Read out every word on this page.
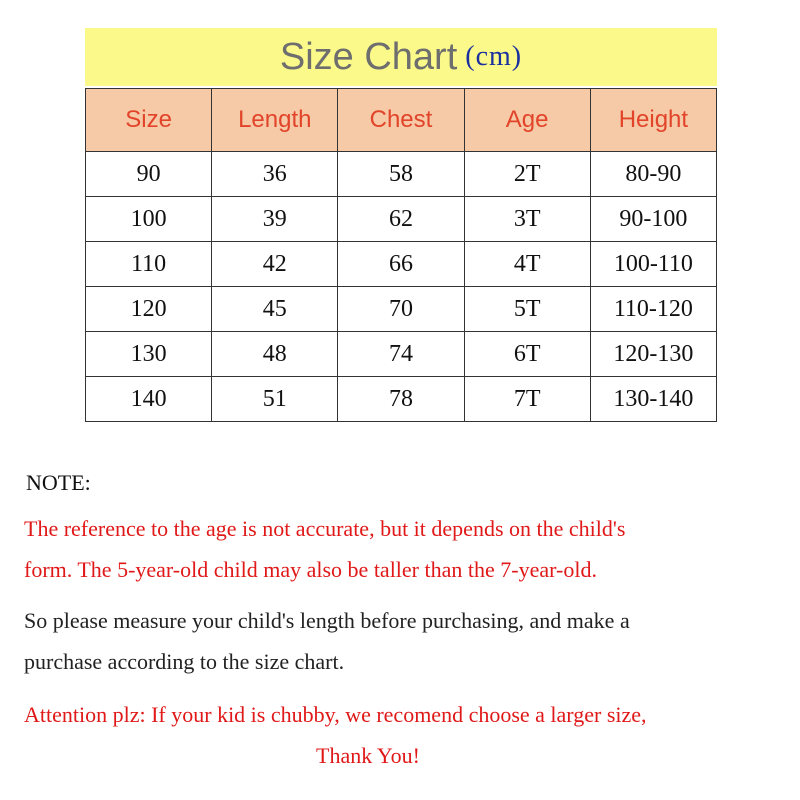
Size Chart (cm)
Size	Length	Chest	Age	Height
90	36	58	2T	80-90
100	39	62	3T	90-100
110	42	66	4T	100-110
120	45	70	5T	110-120
130	48	74	6T	120-130
140	51	78	7T	130-140

NOTE:

The reference to the age is not accurate, but it depends on the child's

form. The 5-year-old child may also be taller than the 7-year-old.

So please measure your child's length before purchasing, and make a

purchase according to the size chart.

Attention plz: If your kid is chubby, we recomend choose a larger size,

Thank You!
